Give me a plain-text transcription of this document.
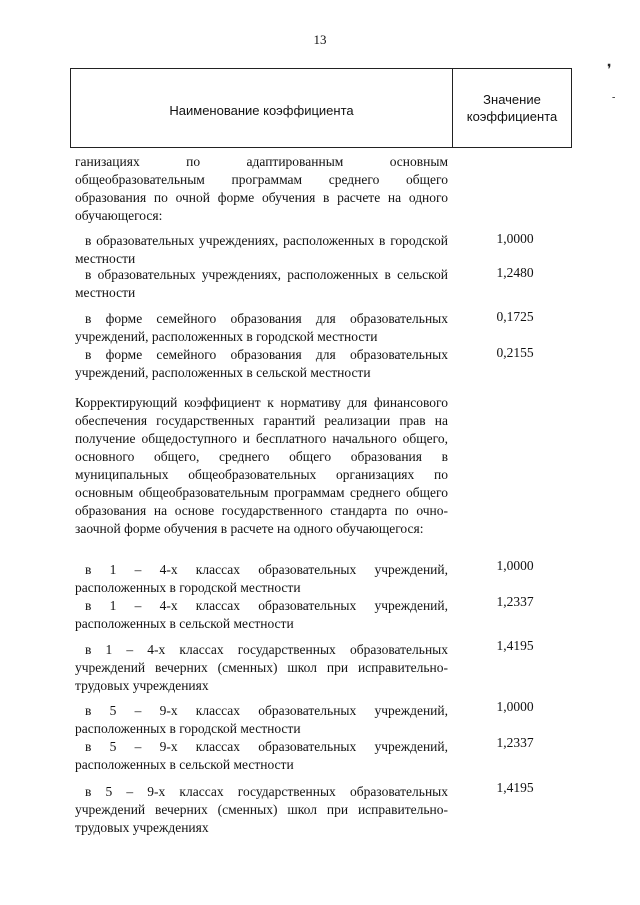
13
❜
-
Наименование коэффициента
Значение
коэффициента
ганизациях по адаптированным основным общеобразовательным программам среднего общего образования по очной форме обучения в расчете на одного обучающегося:
в образовательных учреждениях, расположенных в городской местности
1,0000
в образовательных учреждениях, расположенных в сельской местности
1,2480
в форме семейного образования для образовательных учреждений, расположенных в городской местности
0,1725
в форме семейного образования для образовательных учреждений, расположенных в сельской местности
0,2155
Корректирующий коэффициент к нормативу для финансового обеспечения государственных гарантий реализации прав на получение общедоступного и бесплатного начального общего, основного общего, среднего общего образования в муниципальных общеобразовательных организациях по основным общеобразовательным программам среднего общего образования на основе государственного стандарта по очно-заочной форме обучения в расчете на одного обучающегося:
в 1 – 4-х классах образовательных учреждений, расположенных в городской местности
1,0000
в 1 – 4-х классах образовательных учреждений, расположенных в сельской местности
1,2337
в 1 – 4-х классах государственных образовательных учреждений вечерних (сменных) школ при исправительно-трудовых учреждениях
1,4195
в 5 – 9-х классах образовательных учреждений, расположенных в городской местности
1,0000
в 5 – 9-х классах образовательных учреждений, расположенных в сельской местности
1,2337
в 5 – 9-х классах государственных образовательных учреждений вечерних (сменных) школ при исправительно-трудовых учреждениях
1,4195
